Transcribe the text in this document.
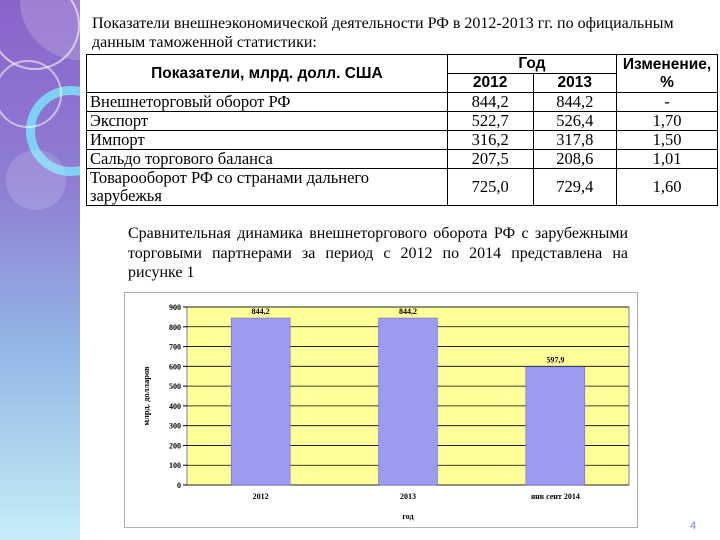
Показатели внешнеэкономической деятельности РФ в 2012-2013 гг. по официальным данным таможенной статистики:
Показатели, млрд. долл. США	Год		Изменение, %
	2012	2013	
Внешнеторговый оборот РФ	844,2	844,2	-
Экспорт	522,7	526,4	1,70
Импорт	316,2	317,8	1,50
Сальдо торгового баланса	207,5	208,6	1,01
Товарооборот РФ со странами дальнего зарубежья	725,0	729,4	1,60
Сравнительная динамика внешнеторгового оборота РФ с зарубежными торговыми партнерами за период с 2012 по 2014 представлена на рисунке 1
0
100
200
300
400
500
600
700
800
900	844,2
2012
844,2
2013
597,9
янв сент 2014
год
млрд. долларов
4
